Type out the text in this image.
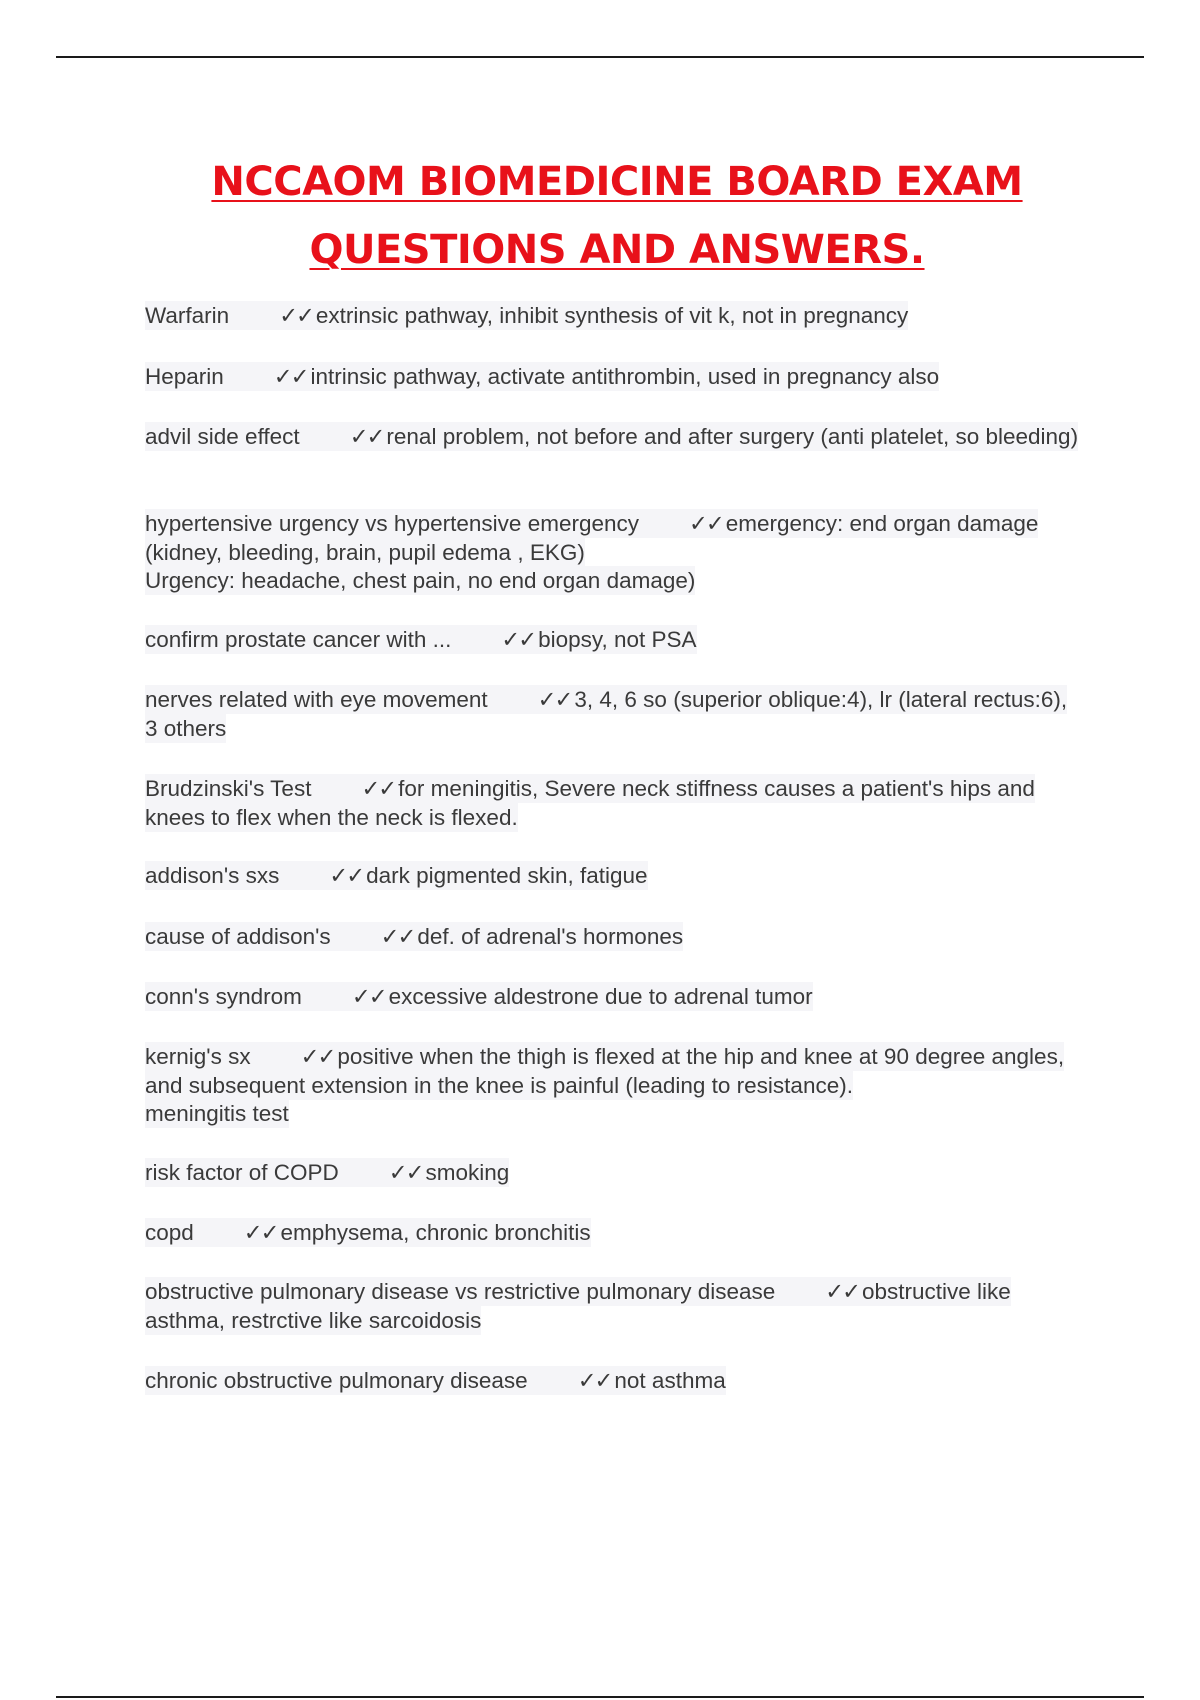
NCCAOM BIOMEDICINE BOARD EXAM
QUESTIONS AND ANSWERS.
Warfarin ✓✓ extrinsic pathway, inhibit synthesis of vit k, not in pregnancy
Heparin ✓✓ intrinsic pathway, activate antithrombin, used in pregnancy also
advil side effect ✓✓ renal problem, not before and after surgery (anti platelet, so bleeding)
hypertensive urgency vs hypertensive emergency ✓✓ emergency: end organ damage (kidney, bleeding, brain, pupil edema , EKG)
Urgency: headache, chest pain, no end organ damage)
confirm prostate cancer with ... ✓✓ biopsy, not PSA
nerves related with eye movement ✓✓ 3, 4, 6 so (superior oblique:4), lr (lateral rectus:6), 3 others
Brudzinski's Test ✓✓ for meningitis, Severe neck stiffness causes a patient's hips and knees to flex when the neck is flexed.
addison's sxs ✓✓ dark pigmented skin, fatigue
cause of addison's ✓✓ def. of adrenal's hormones
conn's syndrom ✓✓ excessive aldestrone due to adrenal tumor
kernig's sx ✓✓ positive when the thigh is flexed at the hip and knee at 90 degree angles, and subsequent extension in the knee is painful (leading to resistance).
meningitis test
risk factor of COPD ✓✓ smoking
copd ✓✓ emphysema, chronic bronchitis
obstructive pulmonary disease vs restrictive pulmonary disease ✓✓ obstructive like asthma, restrctive like sarcoidosis
chronic obstructive pulmonary disease ✓✓ not asthma
